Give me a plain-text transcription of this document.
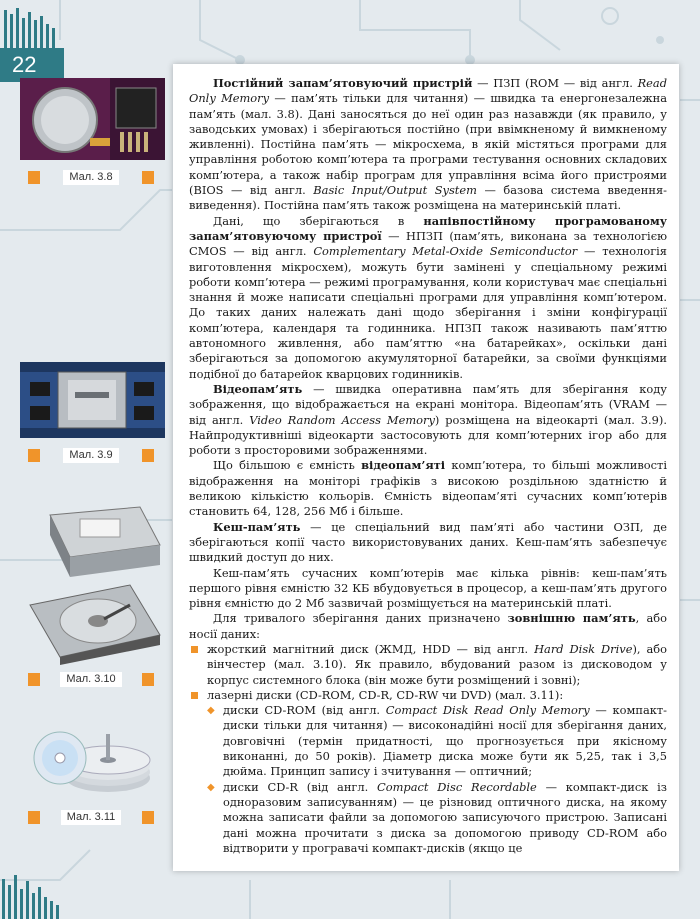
22
Мал. 3.8
Мал. 3.9
Мал. 3.10
Мал. 3.11

Постійний запам’ятовуючий пристрій — ПЗП (ROM — від англ. Read Only Memory — пам’ять тільки для читання) — швидка та енергонезалежна пам’ять (мал. 3.8). Дані заносяться до неї один раз назавжди (як правило, у заводських умовах) і зберігаються постійно (при ввімкненому й вимкненому живленні). Постійна пам’ять — мікросхема, в якій містяться програми для управління роботою комп’ютера та програми тестування основних складових комп’ютера, а також набір програм для управління всіма його пристроями (BIOS — від англ. Basic Input/Output System — базова система введення-виведення). Постійна пам’ять також розміщена на материнській платі.

Дані, що зберігаються в напівпостійному програмованому запам’ятовуючому пристрої — НПЗП (пам’ять, виконана за технологією CMOS — від англ. Complementary Metal-Oxide Semiconductor — технологія виготовлення мікросхем), можуть бути замінені у спеціальному режимі роботи комп’ютера — режимі програмування, коли користувач має спеціальні знання й може написати спеціальні програми для управління комп’ютером. До таких даних належать дані щодо зберігання і зміни конфігурації комп’ютера, календаря та годинника. НПЗП також називають пам’яттю автономного живлення, або пам’яттю «на батарейках», оскільки дані зберігаються за допомогою акумуляторної батарейки, за своїми функціями подібної до батарейок кварцових годинників.

Відеопам’ять — швидка оперативна пам’ять для зберігання коду зображення, що відображається на екрані монітора. Відеопам’ять (VRAM — від англ. Video Random Access Memory) розміщена на відеокарті (мал. 3.9). Найпродуктивніші відеокарти застосовують для комп’ютерних ігор або для роботи з просторовими зображеннями.

Що більшою є ємність відеопам’яті комп’ютера, то більші можливості відображення на моніторі графіків з високою роздільною здатністю й великою кількістю кольорів. Ємність відеопам’яті сучасних комп’ютерів становить 64, 128, 256 Мб і більше.

Кеш-пам’ять — це спеціальний вид пам’яті або частини ОЗП, де зберігаються копії часто використовуваних даних. Кеш-пам’ять забезпечує швидкий доступ до них.

Кеш-пам’ять сучасних комп’ютерів має кілька рівнів: кеш-пам’ять першого рівня ємністю 32 КБ вбудовується в процесор, а кеш-пам’ять другого рівня ємністю до 2 Мб зазвичай розміщується на материнській платі.

Для тривалого зберігання даних призначено зовнішню пам’ять, або носії даних:

жорсткий магнітний диск (ЖМД, HDD — від англ. Hard Disk Drive), або вінчестер (мал. 3.10). Як правило, вбудований разом із дисководом у корпус системного блока (він може бути розміщений і зовні);
лазерні диски (CD-ROM, CD-R, CD-RW чи DVD) (мал. 3.11):
◆ диски CD-ROM (від англ. Compact Disk Read Only Memory — компакт-диски тільки для читання) — високонадійні носії для зберігання даних, довговічні (термін придатності, що прогнозується при якісному виконанні, до 50 років). Діаметр диска може бути як 5,25, так і 3,5 дюйма. Принцип запису і зчитування — оптичний;
◆ диски CD-R (від англ. Compact Disc Recordable — компакт-диск із одноразовим записуванням) — це різновид оптичного диска, на якому можна записати файли за допомогою записуючого пристрою. Записані дані можна прочитати з диска за допомогою приводу CD-ROM або відтворити у програвачі компакт-дисків (якщо це
